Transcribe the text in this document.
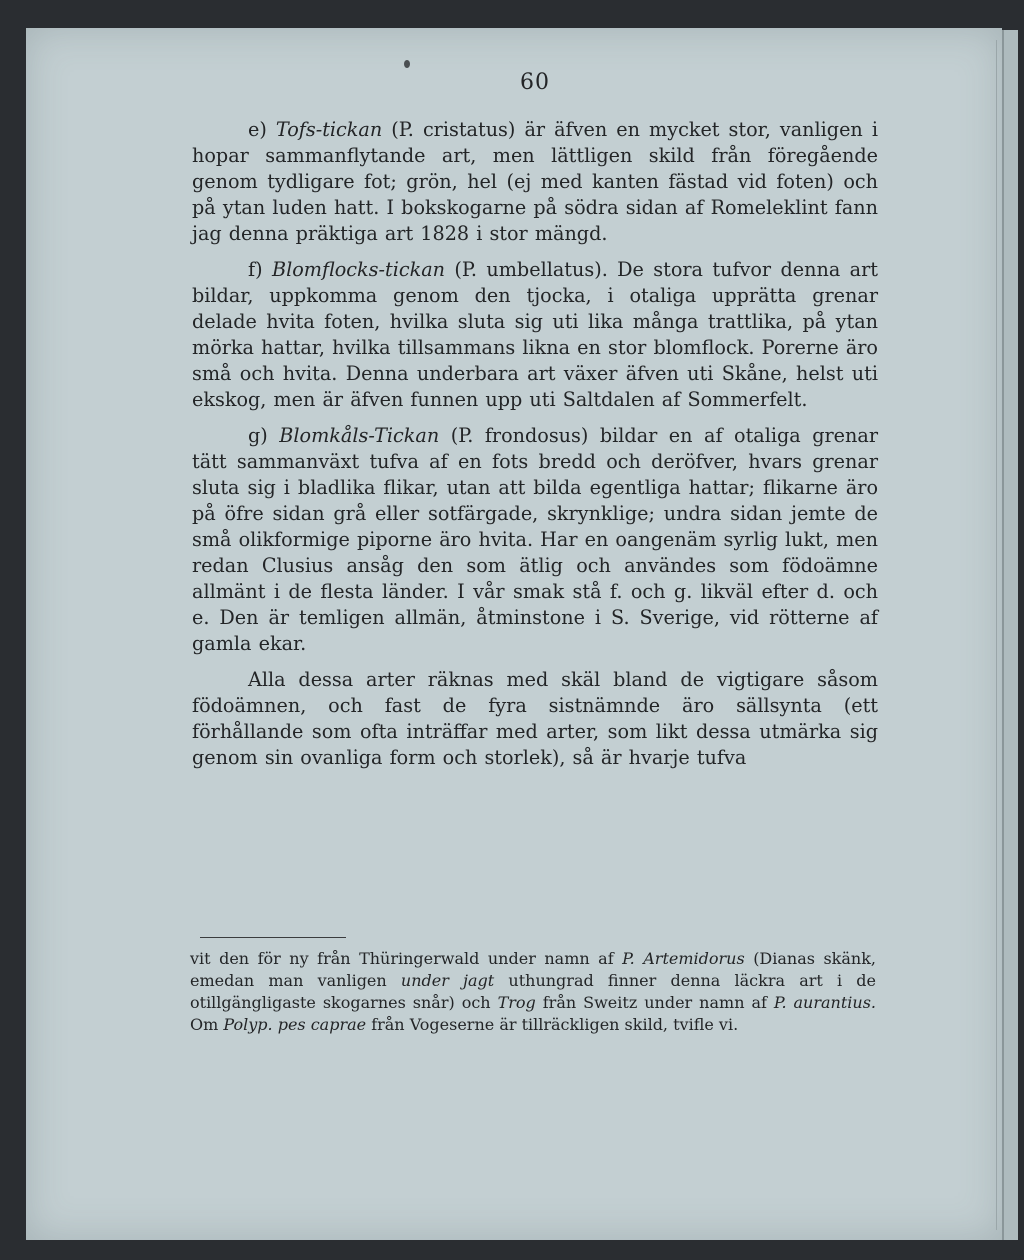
60

e) Tofs-tickan (P. cristatus) är äfven en mycket stor, vanligen i hopar sammanflytande art, men lättligen skild från föregående genom tydligare fot; grön, hel (ej med kanten fästad vid foten) och på ytan luden hatt. I bokskogarne på södra sidan af Romeleklint fann jag denna präktiga art 1828 i stor mängd.

f) Blomflocks-tickan (P. umbellatus). De stora tufvor denna art bildar, uppkomma genom den tjocka, i otaliga upprätta grenar delade hvita foten, hvilka sluta sig uti lika många trattlika, på ytan mörka hattar, hvilka tillsammans likna en stor blomflock. Porerne äro små och hvita. Denna underbara art växer äfven uti Skåne, helst uti ekskog, men är äfven funnen upp uti Saltdalen af Sommerfelt.

g) Blomkåls-Tickan (P. frondosus) bildar en af otaliga grenar tätt sammanväxt tufva af en fots bredd och deröfver, hvars grenar sluta sig i bladlika flikar, utan att bilda egentliga hattar; flikarne äro på öfre sidan grå eller sotfärgade, skrynklige; undra sidan jemte de små olikformige piporne äro hvita. Har en oangenäm syrlig lukt, men redan Clusius ansåg den som ätlig och användes som födoämne allmänt i de flesta länder. I vår smak stå f. och g. likväl efter d. och e. Den är temligen allmän, åtminstone i S. Sverige, vid rötterne af gamla ekar.

Alla dessa arter räknas med skäl bland de vigtigare såsom födoämnen, och fast de fyra sistnämnde äro sällsynta (ett förhållande som ofta inträffar med arter, som likt dessa utmärka sig genom sin ovanliga form och storlek), så är hvarje tufva

vit den för ny från Thüringerwald under namn af P. Artemidorus (Dianas skänk, emedan man vanligen under jagt uthungrad finner denna läckra art i de otillgängligaste skogarnes snår) och Trog från Sweitz under namn af P. aurantius. Om Polyp. pes caprae från Vogeserne är tillräckligen skild, tvifle vi.
